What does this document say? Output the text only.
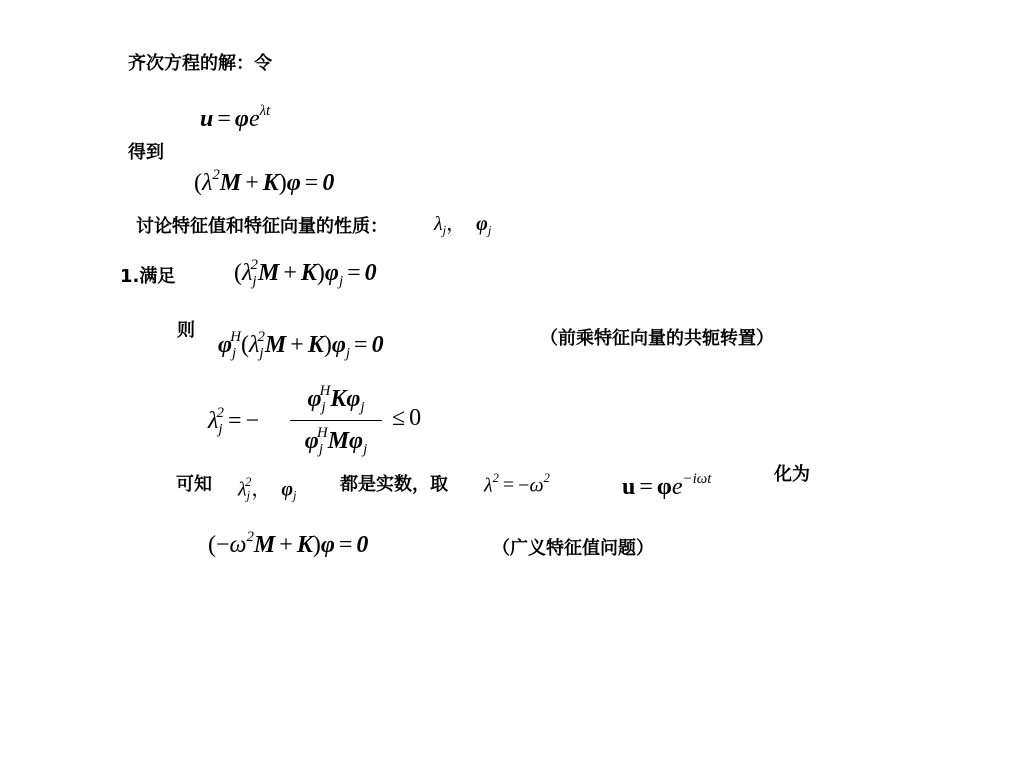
齐次方程的解：令
$u = \varphi e^{\lambda t}$
得到
$(\lambda^2M + K)\varphi = 0$
讨论特征值和特征向量的性质： $\lambda_j$，  $\varphi_j$
1.满足 $(\lambda_j^2M + K)\varphi_j = 0$
则
$\varphi_j^H(\lambda_j^2M + K)\varphi_j = 0$	（前乘特征向量的共轭转置）
$\lambda_j^2$ = −
$\varphi_j^HK\varphi_j$
$\varphi_j^HM\varphi_j$
≤ 0
可知 $\lambda_j^2$，  $\varphi_j$
都是实数，取 $\lambda^2 = -\omega^2$	$u = \varphi e^{-i\omega t}$	化为
$(-\omega^2M + K)\varphi = 0$	（广义特征值问题）
